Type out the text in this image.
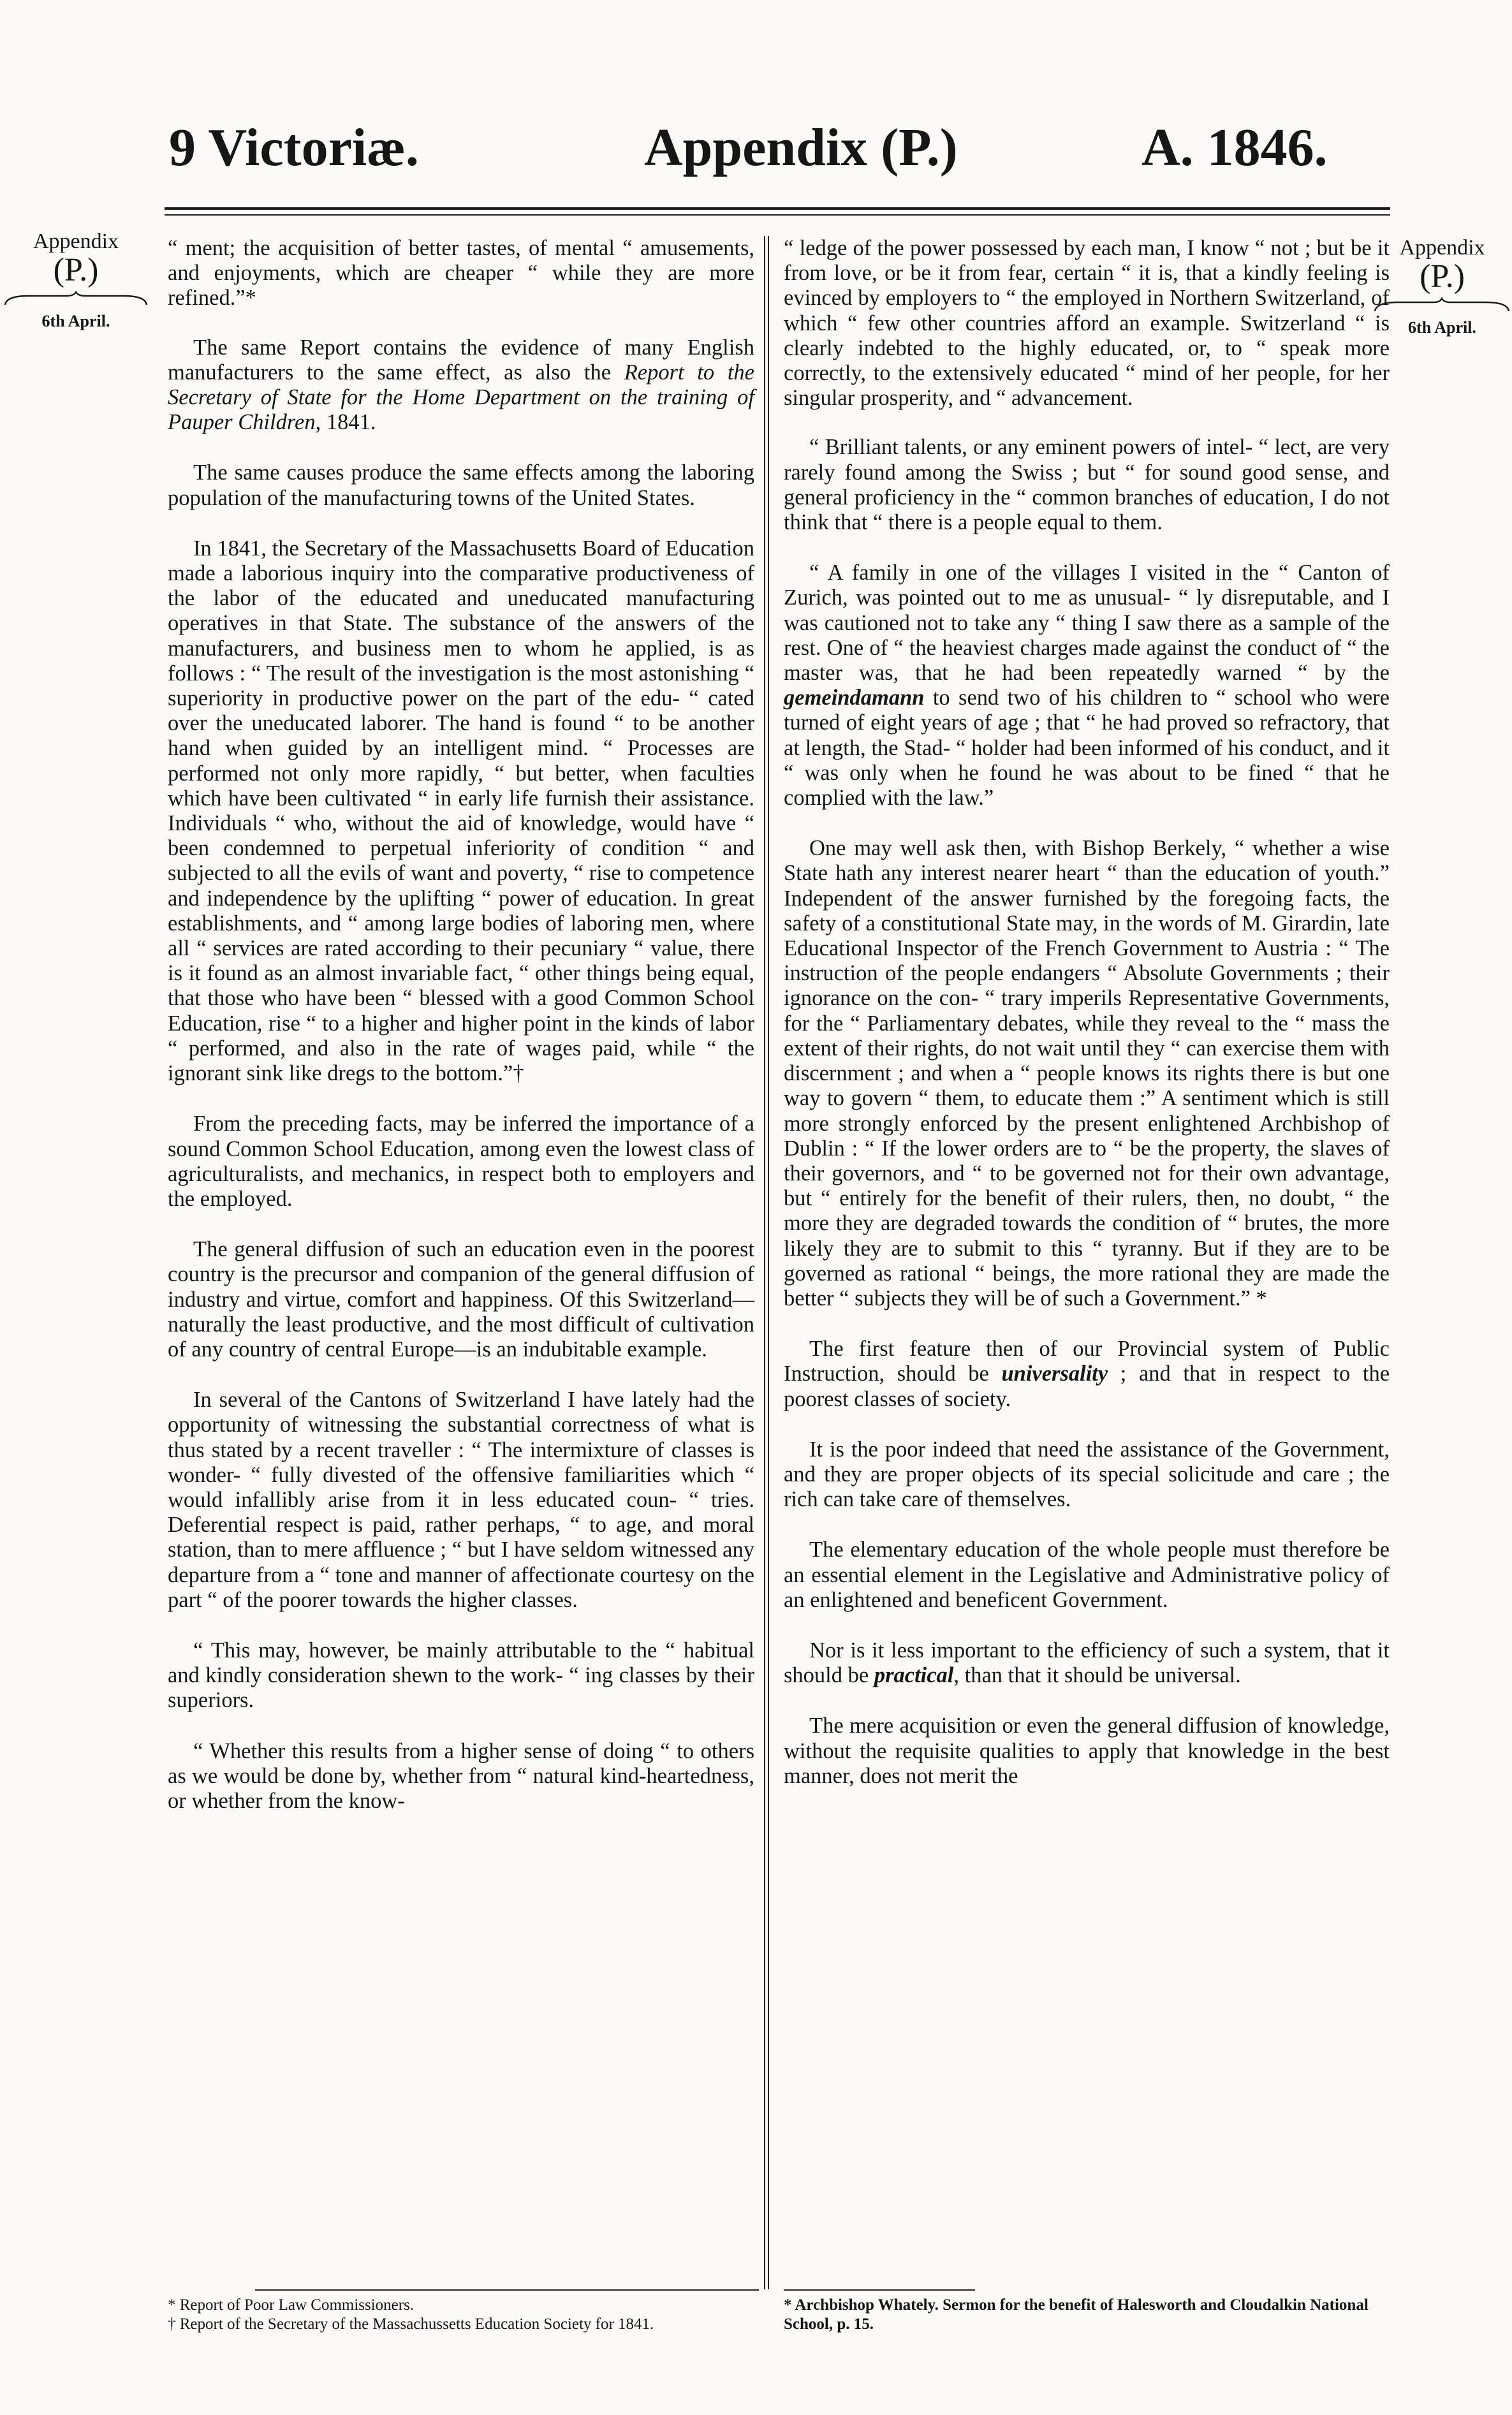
9 Victoriæ.	Appendix (P.)	A. 1846.
Appendix
(P.)
6th April.
Appendix
(P.)
6th April.

“ ment; the acquisition of better tastes, of mental “ amusements, and enjoyments, which are cheaper “ while they are more refined.”*

The same Report contains the evidence of many English manufacturers to the same effect, as also the Report to the Secretary of State for the Home Department on the training of Pauper Children, 1841.

The same causes produce the same effects among the laboring population of the manufacturing towns of the United States.

In 1841, the Secretary of the Massachusetts Board of Education made a laborious inquiry into the comparative productiveness of the labor of the educated and uneducated manufacturing operatives in that State. The substance of the answers of the manufacturers, and business men to whom he applied, is as follows : “ The result of the investigation is the most astonishing “ superiority in productive power on the part of the edu- “ cated over the uneducated laborer. The hand is found “ to be another hand when guided by an intelligent mind. “ Processes are performed not only more rapidly, “ but better, when faculties which have been cultivated “ in early life furnish their assistance. Individuals “ who, without the aid of knowledge, would have “ been condemned to perpetual inferiority of condition “ and subjected to all the evils of want and poverty, “ rise to competence and independence by the uplifting “ power of education. In great establishments, and “ among large bodies of laboring men, where all “ services are rated according to their pecuniary “ value, there is it found as an almost invariable fact, “ other things being equal, that those who have been “ blessed with a good Common School Education, rise “ to a higher and higher point in the kinds of labor “ performed, and also in the rate of wages paid, while “ the ignorant sink like dregs to the bottom.”†

From the preceding facts, may be inferred the importance of a sound Common School Education, among even the lowest class of agriculturalists, and mechanics, in respect both to employers and the employed.

The general diffusion of such an education even in the poorest country is the precursor and companion of the general diffusion of industry and virtue, comfort and happiness. Of this Switzerland—naturally the least productive, and the most difficult of cultivation of any country of central Europe—is an indubitable example.

In several of the Cantons of Switzerland I have lately had the opportunity of witnessing the substantial correctness of what is thus stated by a recent traveller : “ The intermixture of classes is wonder- “ fully divested of the offensive familiarities which “ would infallibly arise from it in less educated coun- “ tries. Deferential respect is paid, rather perhaps, “ to age, and moral station, than to mere affluence ; “ but I have seldom witnessed any departure from a “ tone and manner of affectionate courtesy on the part “ of the poorer towards the higher classes.

“ This may, however, be mainly attributable to the “ habitual and kindly consideration shewn to the work- “ ing classes by their superiors.

“ Whether this results from a higher sense of doing “ to others as we would be done by, whether from “ natural kind-heartedness, or whether from the know-

“ ledge of the power possessed by each man, I know “ not ; but be it from love, or be it from fear, certain “ it is, that a kindly feeling is evinced by employers to “ the employed in Northern Switzerland, of which “ few other countries afford an example. Switzerland “ is clearly indebted to the highly educated, or, to “ speak more correctly, to the extensively educated “ mind of her people, for her singular prosperity, and “ advancement.

“ Brilliant talents, or any eminent powers of intel- “ lect, are very rarely found among the Swiss ; but “ for sound good sense, and general proficiency in the “ common branches of education, I do not think that “ there is a people equal to them.

“ A family in one of the villages I visited in the “ Canton of Zurich, was pointed out to me as unusual- “ ly disreputable, and I was cautioned not to take any “ thing I saw there as a sample of the rest. One of “ the heaviest charges made against the conduct of “ the master was, that he had been repeatedly warned “ by the gemeindamann to send two of his children to “ school who were turned of eight years of age ; that “ he had proved so refractory, that at length, the Stad- “ holder had been informed of his conduct, and it “ was only when he found he was about to be fined “ that he complied with the law.”

One may well ask then, with Bishop Berkely, “ whether a wise State hath any interest nearer heart “ than the education of youth.” Independent of the answer furnished by the foregoing facts, the safety of a constitutional State may, in the words of M. Girardin, late Educational Inspector of the French Government to Austria : “ The instruction of the people endangers “ Absolute Governments ; their ignorance on the con- “ trary imperils Representative Governments, for the “ Parliamentary debates, while they reveal to the “ mass the extent of their rights, do not wait until they “ can exercise them with discernment ; and when a “ people knows its rights there is but one way to govern “ them, to educate them :” A sentiment which is still more strongly enforced by the present enlightened Archbishop of Dublin : “ If the lower orders are to “ be the property, the slaves of their governors, and “ to be governed not for their own advantage, but “ entirely for the benefit of their rulers, then, no doubt, “ the more they are degraded towards the condition of “ brutes, the more likely they are to submit to this “ tyranny. But if they are to be governed as rational “ beings, the more rational they are made the better “ subjects they will be of such a Government.” *

The first feature then of our Provincial system of Public Instruction, should be universality ; and that in respect to the poorest classes of society.

It is the poor indeed that need the assistance of the Government, and they are proper objects of its special solicitude and care ; the rich can take care of themselves.

The elementary education of the whole people must therefore be an essential element in the Legislative and Administrative policy of an enlightened and beneficent Government.

Nor is it less important to the efficiency of such a system, that it should be practical, than that it should be universal.

The mere acquisition or even the general diffusion of knowledge, without the requisite qualities to apply that knowledge in the best manner, does not merit the

* Report of Poor Law Commissioners.

† Report of the Secretary of the Massachussetts Education Society for 1841.

* Archbishop Whately. Sermon for the benefit of Halesworth and Cloudalkin National School, p. 15.
